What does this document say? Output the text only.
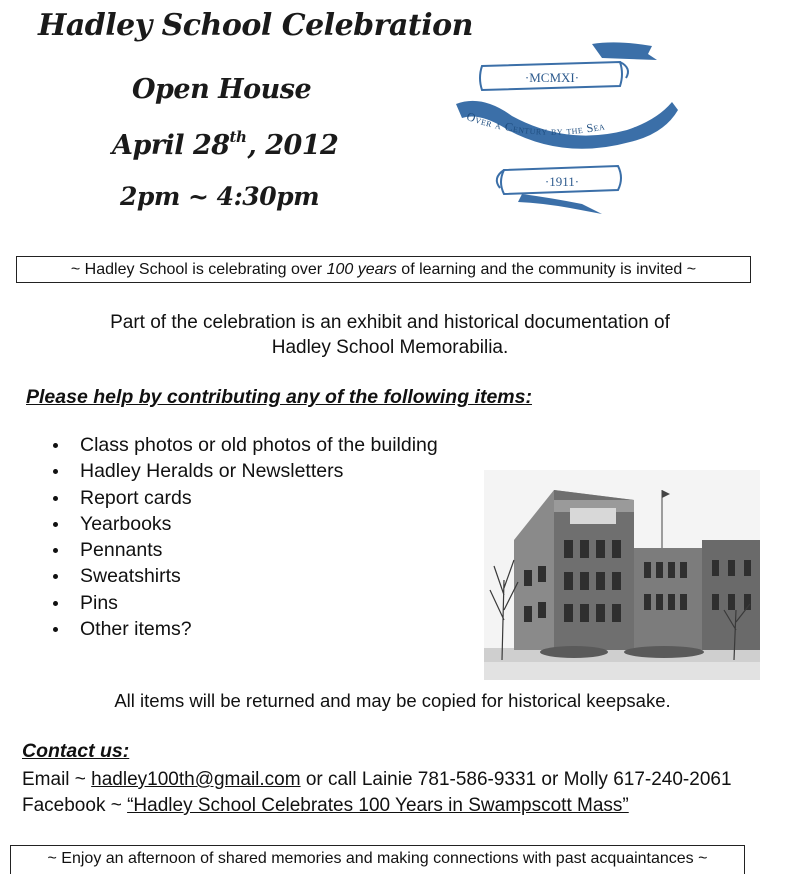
Hadley School Celebration
Open House
April 28th, 2012
2pm ~ 4:30pm
·MCMXI·
Over a Century by the Sea
·1911·
~ Hadley School is celebrating over 100 years of learning and the community is invited ~
Part of the celebration is an exhibit and historical documentation of
Hadley School Memorabilia.
Please help by contributing any of the following items:
Class photos or old photos of the building
Hadley Heralds or Newsletters
Report cards
Yearbooks
Pennants
Sweatshirts
Pins
Other items?
All items will be returned and may be copied for historical keepsake.
Contact us:
Email ~ hadley100th@gmail.com or call Lainie 781-586-9331 or Molly 617-240-2061
Facebook ~ “Hadley School Celebrates 100 Years in Swampscott Mass”
~ Enjoy an afternoon of shared memories and making connections with past acquaintances ~
